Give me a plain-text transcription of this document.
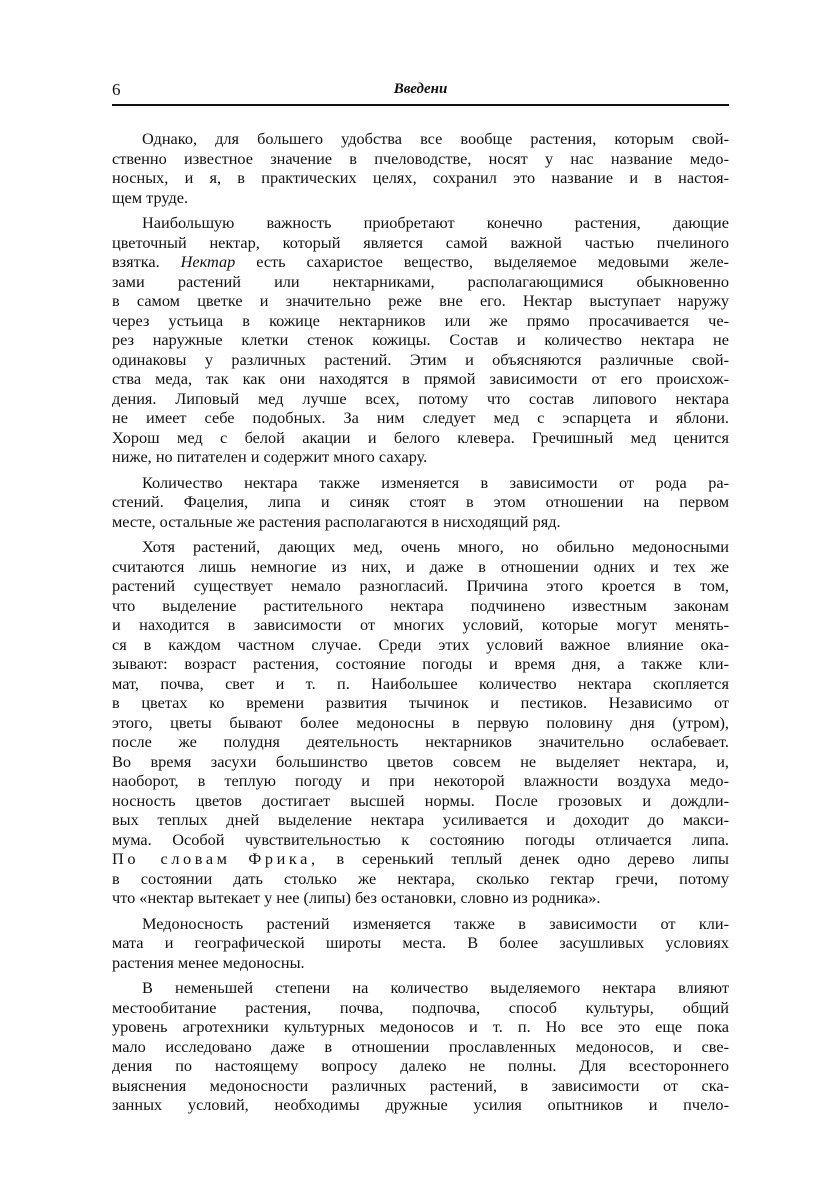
6	Введени
Однако, для большего удобства все вообще растения, которым свой-
ственно известное значение в пчеловодстве, носят у нас название медо-
носных, и я, в практических целях, сохранил это название и в настоя-
щем труде.
Наибольшую важность приобретают конечно растения, дающие
цветочный нектар, который является самой важной частью пчелиного
взятка. Нектар есть сахаристое вещество, выделяемое медовыми желе-
зами растений или нектарниками, располагающимися обыкновенно
в самом цветке и значительно реже вне его. Нектар выступает наружу
через устьица в кожице нектарников или же прямо просачивается че-
рез наружные клетки стенок кожицы. Состав и количество нектара не
одинаковы у различных растений. Этим и объясняются различные свой-
ства меда, так как они находятся в прямой зависимости от его происхож-
дения. Липовый мед лучше всех, потому что состав липового нектара
не имеет себе подобных. За ним следует мед с эспарцета и яблони.
Хорош мед с белой акации и белого клевера. Гречишный мед ценится
ниже, но питателен и содержит много сахару.
Количество нектара также изменяется в зависимости от рода ра-
стений. Фацелия, липа и синяк стоят в этом отношении на первом
месте, остальные же растения располагаются в нисходящий ряд.
Хотя растений, дающих мед, очень много, но обильно медоносными
считаются лишь немногие из них, и даже в отношении одних и тех же
растений существует немало разногласий. Причина этого кроется в том,
что выделение растительного нектара подчинено известным законам
и находится в зависимости от многих условий, которые могут менять-
ся в каждом частном случае. Среди этих условий важное влияние ока-
зывают: возраст растения, состояние погоды и время дня, а также кли-
мат, почва, свет и т. п. Наибольшее количество нектара скопляется
в цветах ко времени развития тычинок и пестиков. Независимо от
этого, цветы бывают более медоносны в первую половину дня (утром),
после же полудня деятельность нектарников значительно ослабевает.
Во время засухи большинство цветов совсем не выделяет нектара, и,
наоборот, в теплую погоду и при некоторой влажности воздуха медо-
носность цветов достигает высшей нормы. После грозовых и дождли-
вых теплых дней выделение нектара усиливается и доходит до макси-
мума. Особой чувствительностью к состоянию погоды отличается липа.
По словам Фрика, в серенький теплый денек одно дерево липы
в состоянии дать столько же нектара, сколько гектар гречи, потому
что «нектар вытекает у нее (липы) без остановки, словно из родника».
Медоносность растений изменяется также в зависимости от кли-
мата и географической широты места. В более засушливых условиях
растения менее медоносны.
В неменьшей степени на количество выделяемого нектара влияют
местообитание растения, почва, подпочва, способ культуры, общий
уровень агротехники культурных медоносов и т. п. Но все это еще пока
мало исследовано даже в отношении прославленных медоносов, и све-
дения по настоящему вопросу далеко не полны. Для всестороннего
выяснения медоносности различных растений, в зависимости от ска-
занных условий, необходимы дружные усилия опытников и пчело-
